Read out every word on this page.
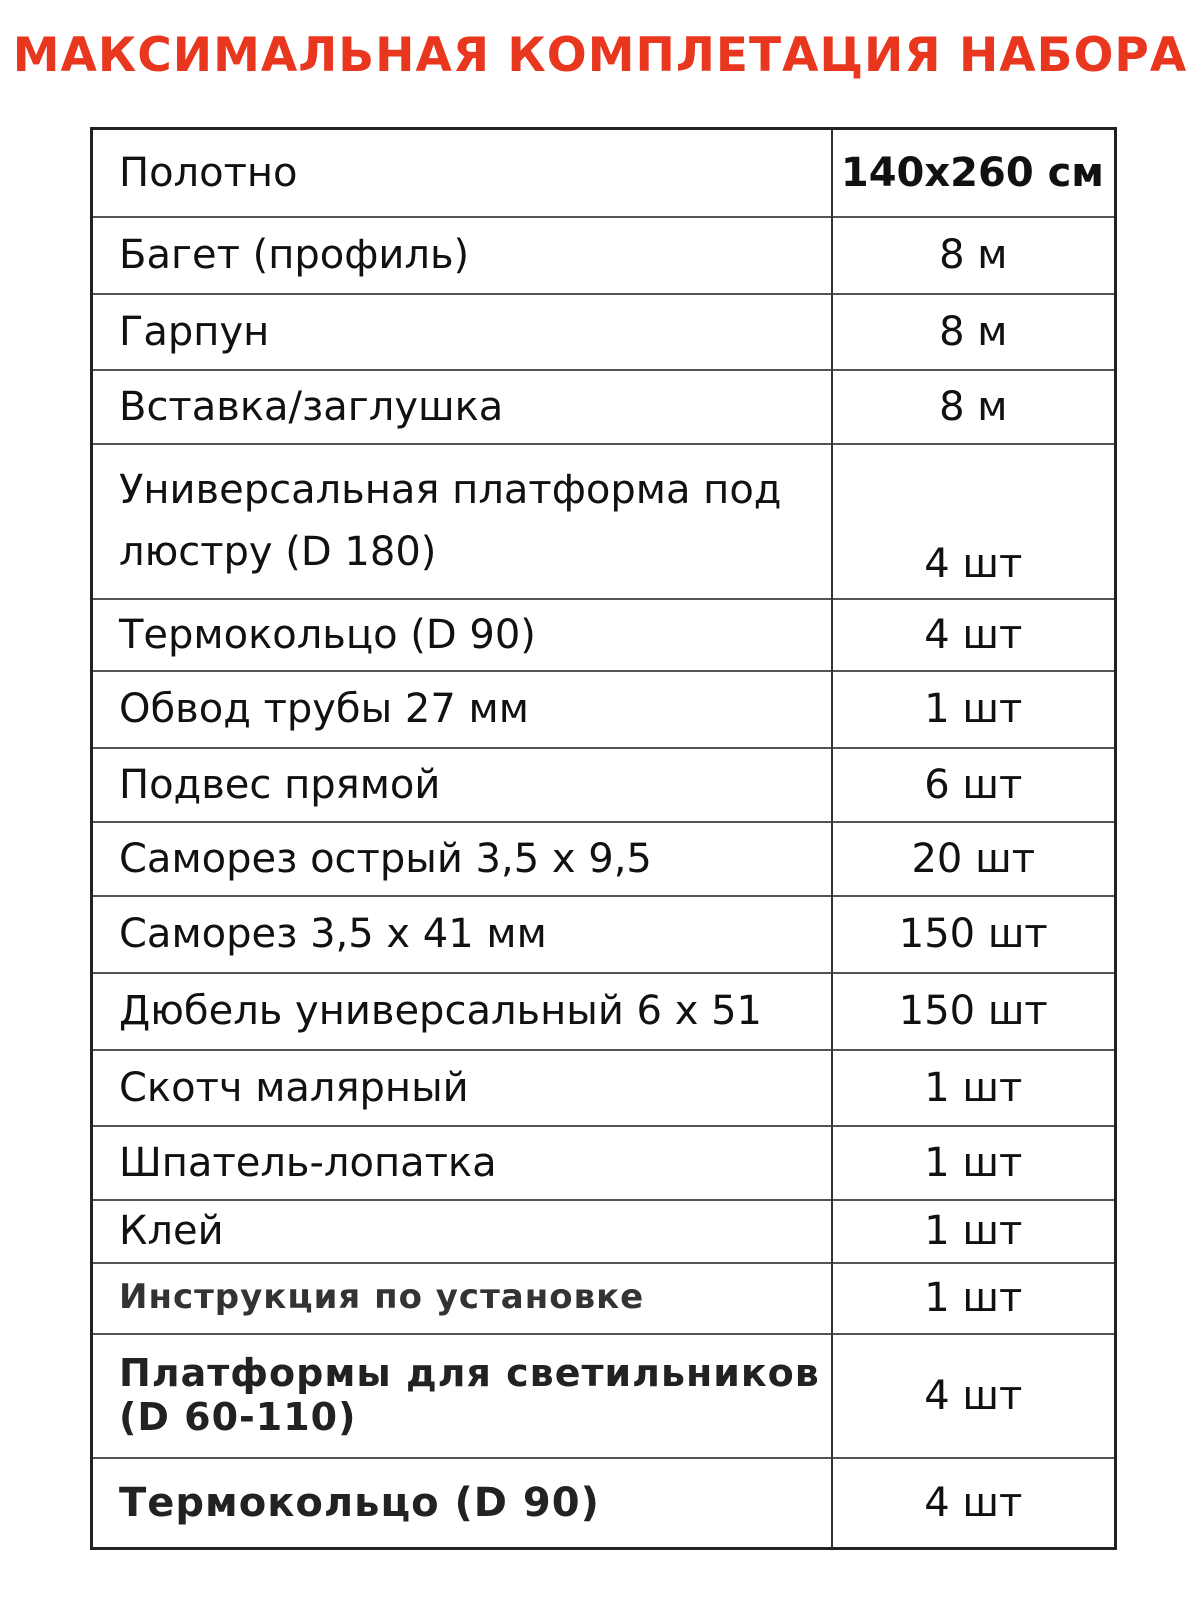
МАКСИМАЛЬНАЯ КОМПЛЕТАЦИЯ НАБОРА
Полотно	140х260 см
Багет (профиль)	8 м
Гарпун	8 м
Вставка/заглушка	8 м
Универсальная платформа под люстру (D 180)	4 шт
Термокольцо (D 90)	4 шт
Обвод трубы 27 мм	1 шт
Подвес прямой	6 шт
Саморез острый 3,5 х 9,5	20 шт
Саморез 3,5 х 41 мм	150 шт
Дюбель универсальный 6 х 51	150 шт
Скотч малярный	1 шт
Шпатель-лопатка	1 шт
Клей	1 шт
Инструкция по установке	1 шт
Платформы для светильников (D 60-110)	4 шт
Термокольцо (D 90)	4 шт
